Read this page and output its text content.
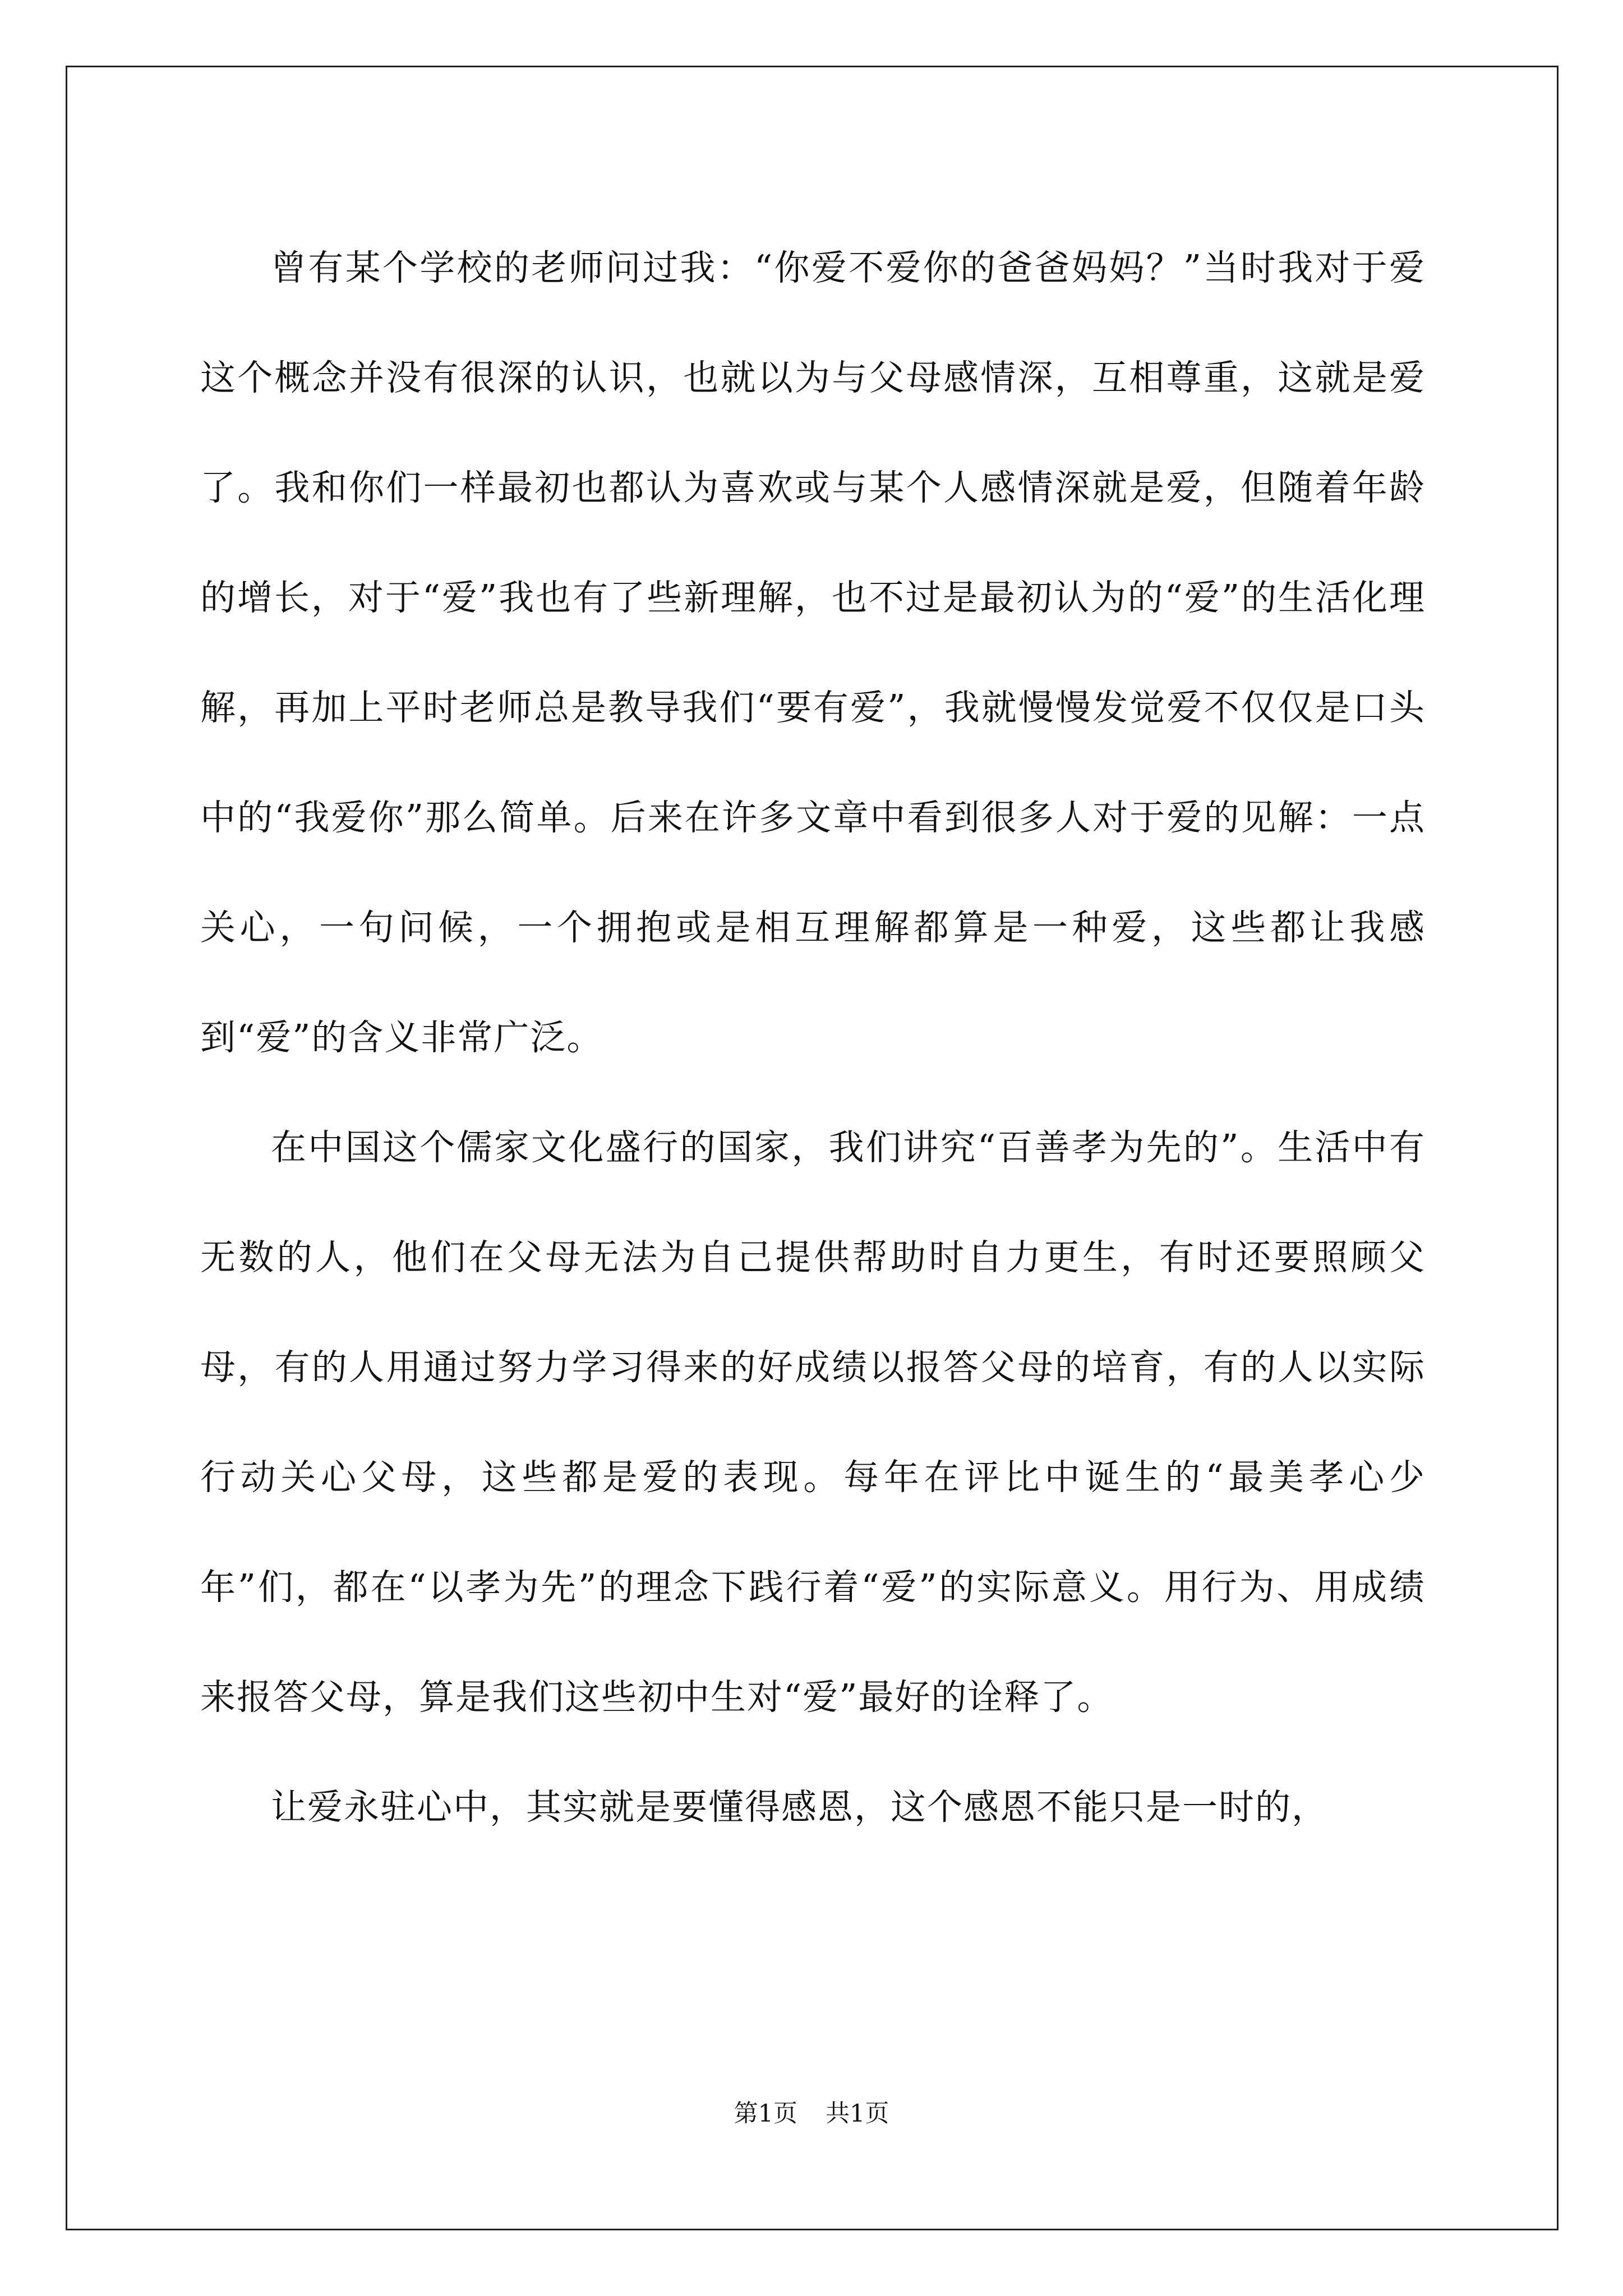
曾有某个学校的老师问过我：“你爱不爱你的爸爸妈妈？”当时我对于爱这个概念并没有很深的认识，也就以为与父母感情深，互相尊重，这就是爱了。我和你们一样最初也都认为喜欢或与某个人感情深就是爱，但随着年龄的增长，对于“爱”我也有了些新理解，也不过是最初认为的“爱”的生活化理解，再加上平时老师总是教导我们“要有爱”，我就慢慢发觉爱不仅仅是口头中的“我爱你”那么简单。后来在许多文章中看到很多人对于爱的见解：一点关心，一句问候，一个拥抱或是相互理解都算是一种爱，这些都让我感到“爱”的含义非常广泛。

在中国这个儒家文化盛行的国家，我们讲究“百善孝为先的”。生活中有无数的人，他们在父母无法为自己提供帮助时自力更生，有时还要照顾父母，有的人用通过努力学习得来的好成绩以报答父母的培育，有的人以实际行动关心父母，这些都是爱的表现。每年在评比中诞生的“最美孝心少年”们，都在“以孝为先”的理念下践行着“爱”的实际意义。用行为、用成绩来报答父母，算是我们这些初中生对“爱”最好的诠释了。

让爱永驻心中，其实就是要懂得感恩，这个感恩不能只是一时的，

第1页 共1页
